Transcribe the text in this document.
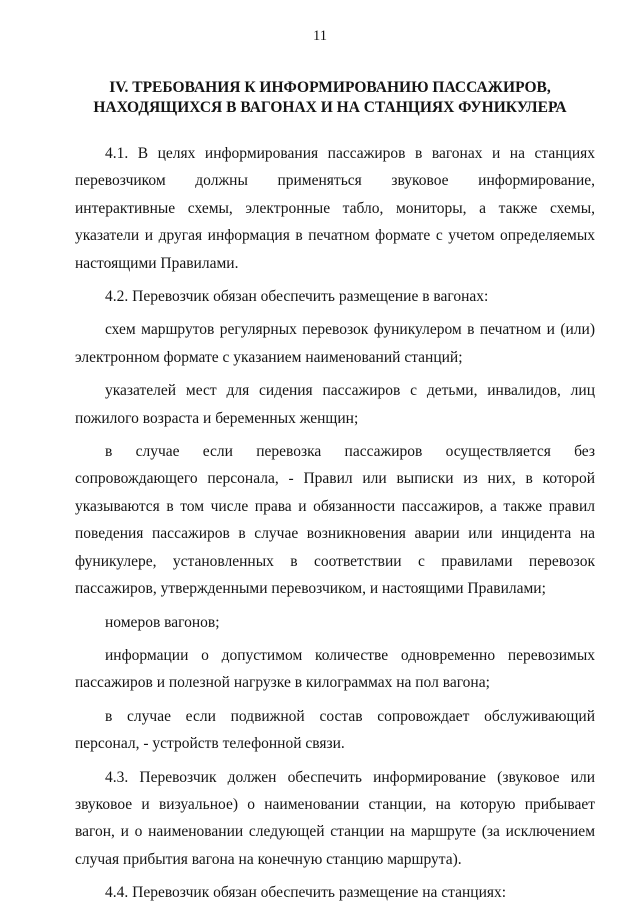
11
IV. ТРЕБОВАНИЯ К ИНФОРМИРОВАНИЮ ПАССАЖИРОВ,
НАХОДЯЩИХСЯ В ВАГОНАХ И НА СТАНЦИЯХ ФУНИКУЛЕРА

4.1. В целях информирования пассажиров в вагонах и на станциях перевозчиком должны применяться звуковое информирование, интерактивные схемы, электронные табло, мониторы, а также схемы, указатели и другая информация в печатном формате с учетом определяемых настоящими Правилами.

4.2. Перевозчик обязан обеспечить размещение в вагонах:

схем маршрутов регулярных перевозок фуникулером в печатном и (или) электронном формате с указанием наименований станций;

указателей мест для сидения пассажиров с детьми, инвалидов, лиц пожилого возраста и беременных женщин;

в случае если перевозка пассажиров осуществляется без сопровождающего персонала, - Правил или выписки из них, в которой указываются в том числе права и обязанности пассажиров, а также правил поведения пассажиров в случае возникновения аварии или инцидента на фуникулере, установленных в соответствии с правилами перевозок пассажиров, утвержденными перевозчиком, и настоящими Правилами;

номеров вагонов;

информации о допустимом количестве одновременно перевозимых пассажиров и полезной нагрузке в килограммах на пол вагона;

в случае если подвижной состав сопровождает обслуживающий персонал, - устройств телефонной связи.

4.3. Перевозчик должен обеспечить информирование (звуковое или звуковое и визуальное) о наименовании станции, на которую прибывает вагон, и о наименовании следующей станции на маршруте (за исключением случая прибытия вагона на конечную станцию маршрута).

4.4. Перевозчик обязан обеспечить размещение на станциях:
